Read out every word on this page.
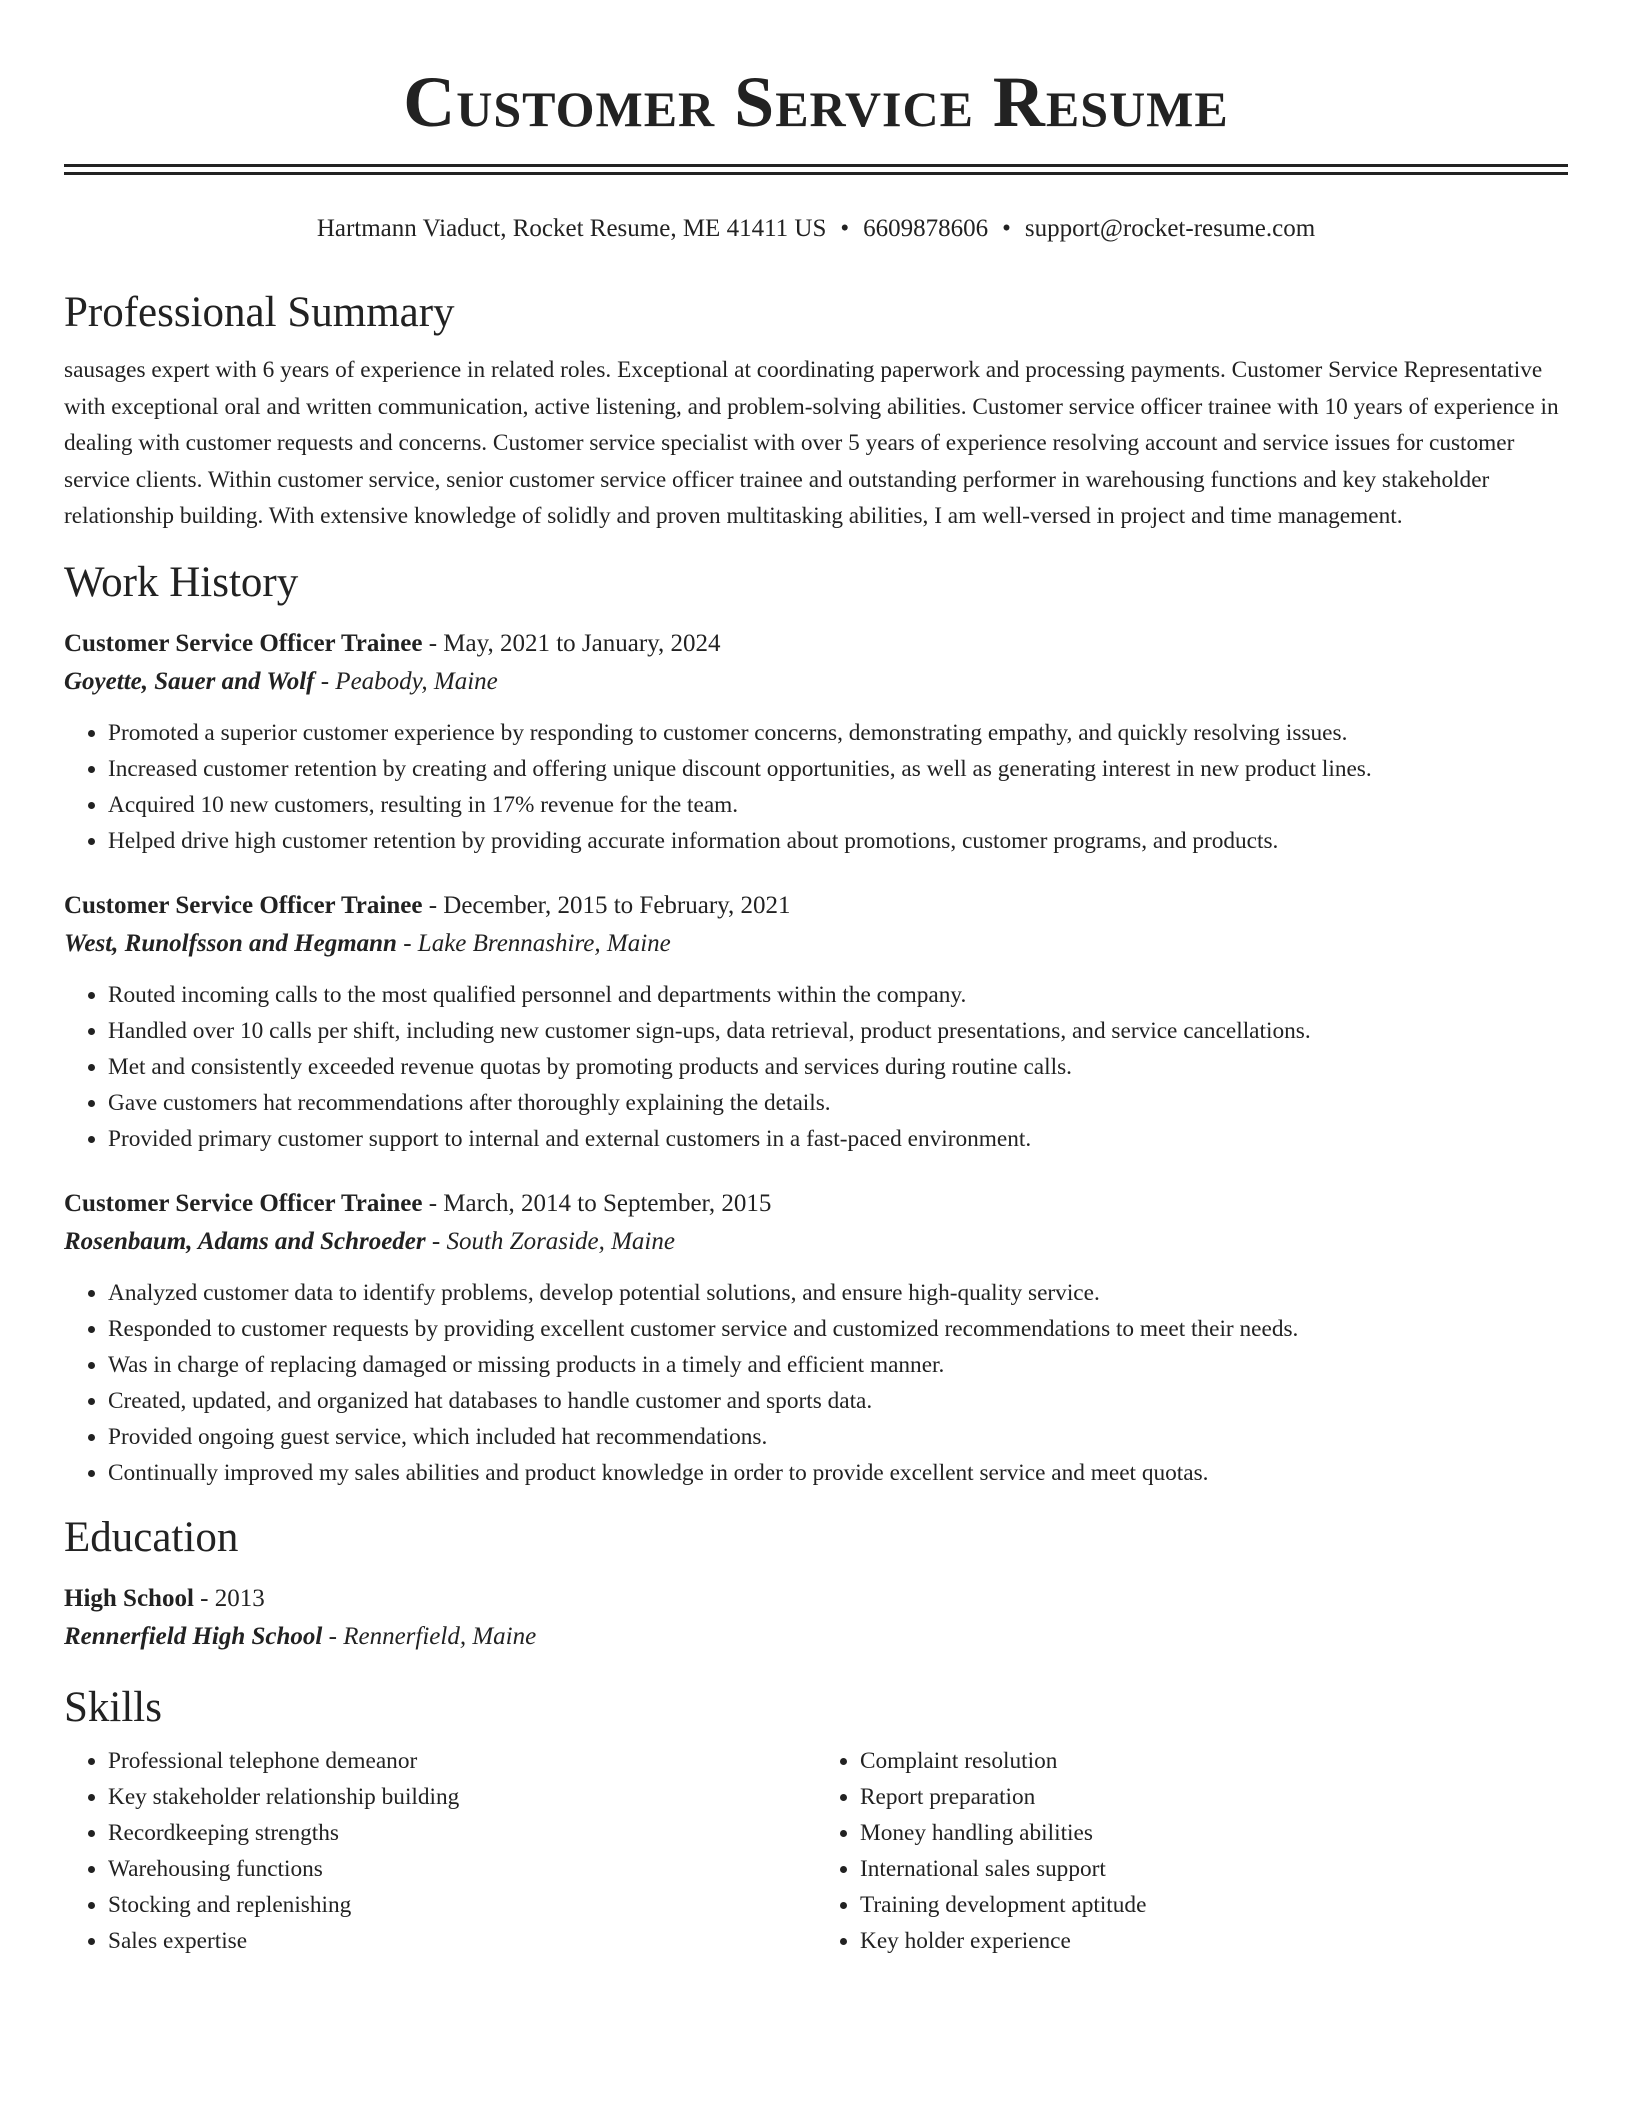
Customer Service Resume
Hartmann Viaduct, Rocket Resume, ME 41411 US • 6609878606 • support@rocket-resume.com
Professional Summary

sausages expert with 6 years of experience in related roles. Exceptional at coordinating paperwork and processing payments. Customer Service Representative with exceptional oral and written communication, active listening, and problem-solving abilities. Customer service officer trainee with 10 years of experience in dealing with customer requests and concerns. Customer service specialist with over 5 years of experience resolving account and service issues for customer service clients. Within customer service, senior customer service officer trainee and outstanding performer in warehousing functions and key stakeholder relationship building. With extensive knowledge of solidly and proven multitasking abilities, I am well-versed in project and time management.

Work History
Customer Service Officer Trainee - May, 2021 to January, 2024
Goyette, Sauer and Wolf - Peabody, Maine
• Promoted a superior customer experience by responding to customer concerns, demonstrating empathy, and quickly resolving issues.
• Increased customer retention by creating and offering unique discount opportunities, as well as generating interest in new product lines.
• Acquired 10 new customers, resulting in 17% revenue for the team.
• Helped drive high customer retention by providing accurate information about promotions, customer programs, and products.
Customer Service Officer Trainee - December, 2015 to February, 2021
West, Runolfsson and Hegmann - Lake Brennashire, Maine
• Routed incoming calls to the most qualified personnel and departments within the company.
• Handled over 10 calls per shift, including new customer sign-ups, data retrieval, product presentations, and service cancellations.
• Met and consistently exceeded revenue quotas by promoting products and services during routine calls.
• Gave customers hat recommendations after thoroughly explaining the details.
• Provided primary customer support to internal and external customers in a fast-paced environment.
Customer Service Officer Trainee - March, 2014 to September, 2015
Rosenbaum, Adams and Schroeder - South Zoraside, Maine
• Analyzed customer data to identify problems, develop potential solutions, and ensure high-quality service.
• Responded to customer requests by providing excellent customer service and customized recommendations to meet their needs.
• Was in charge of replacing damaged or missing products in a timely and efficient manner.
• Created, updated, and organized hat databases to handle customer and sports data.
• Provided ongoing guest service, which included hat recommendations.
• Continually improved my sales abilities and product knowledge in order to provide excellent service and meet quotas.
Education
High School - 2013
Rennerfield High School - Rennerfield, Maine
Skills
• Professional telephone demeanor
• Key stakeholder relationship building
• Recordkeeping strengths
• Warehousing functions
• Stocking and replenishing
• Sales expertise
• Complaint resolution
• Report preparation
• Money handling abilities
• International sales support
• Training development aptitude
• Key holder experience
